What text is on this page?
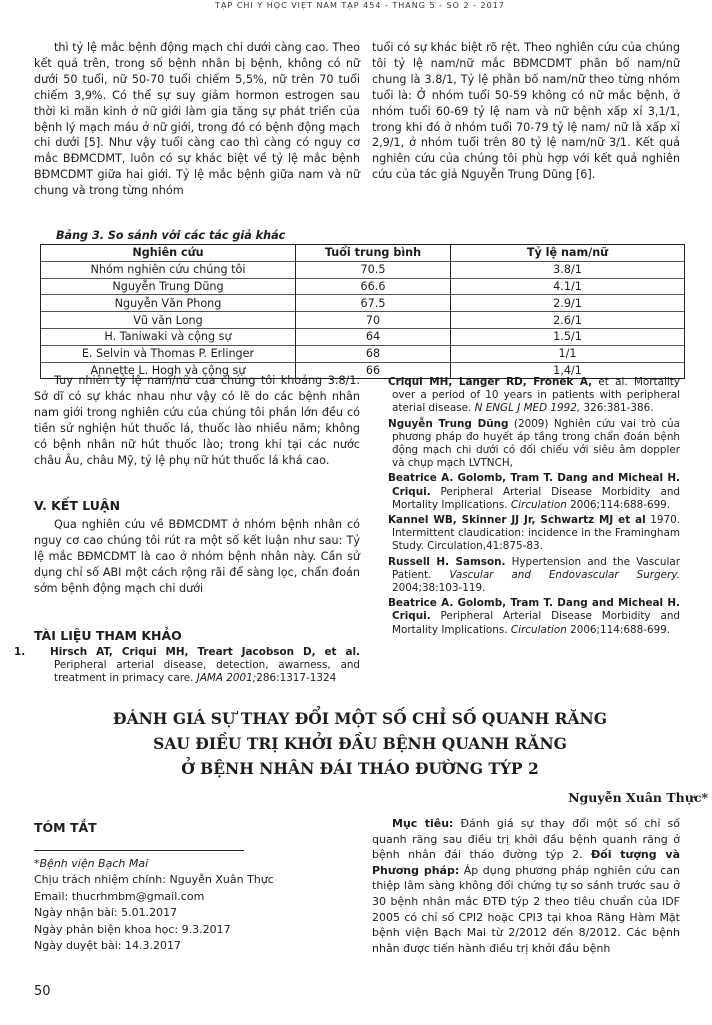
TẠP CHÍ Y HỌC VIỆT NAM TẬP 454 - THÁNG 5 - SỐ 2 - 2017
thì tỷ lệ mắc bệnh động mạch chi dưới càng cao. Theo kết quả trên, trong số bệnh nhân bị bệnh, không có nữ dưới 50 tuổi, nữ 50-70 tuổi chiếm 5,5%, nữ trên 70 tuổi chiếm 3,9%. Có thể sự suy giảm hormon estrogen sau thời kì mãn kinh ở nữ giới làm gia tăng sự phát triển của bệnh lý mạch máu ở nữ giới, trong đó có bệnh động mạch chi dưới [5]. Như vậy tuổi càng cao thì càng có nguy cơ mắc BĐMCDMT, luôn có sự khác biệt về tỷ lệ mắc bệnh BĐMCDMT giữa hai giới. Tỷ lệ mắc bệnh giữa nam và nữ chung và trong từng nhóm
tuổi có sự khác biệt rõ rệt. Theo nghiên cứu của chúng tôi tỷ lệ nam/nữ mắc BĐMCDMT phân bố nam/nữ chung là 3.8/1, Tỷ lệ phân bố nam/nữ theo từng nhóm tuổi là: Ở nhóm tuổi 50-59 không có nữ mắc bệnh, ở nhóm tuổi 60-69 tỷ lệ nam và nữ bệnh xấp xỉ 3,1/1, trong khi đó ở nhóm tuổi 70-79 tỷ lệ nam/ nữ là xấp xỉ 2,9/1, ở nhóm tuổi trên 80 tỷ lệ nam/nữ 3/1. Kết quả nghiên cứu của chúng tôi phù hợp với kết quả nghiên cứu của tác giả Nguyễn Trung Dũng [6].
Bảng 3. So sánh với các tác giả khác
Nghiên cứu	Tuổi trung bình	Tỷ lệ nam/nữ
Nhóm nghiên cứu chúng tôi	70.5	3.8/1
Nguyễn Trung Dũng	66.6	4.1/1
Nguyễn Văn Phong	67.5	2.9/1
Vũ văn Long	70	2.6/1
H. Taniwaki và cộng sự	64	1.5/1
E. Selvin và Thomas P. Erlinger	68	1/1
Annette L. Hogh và cộng sự	66	1,4/1
Tuy nhiên tỷ lệ nam/nữ của chúng tôi khoảng 3.8/1. Sở dĩ có sự khác nhau như vậy có lẽ do các bệnh nhân nam giới trong nghiên cứu của chúng tôi phần lớn đều có tiền sử nghiện hút thuốc lá, thuốc lào nhiều năm; không có bệnh nhân nữ hút thuốc lào; trong khi tại các nước châu Âu, châu Mỹ, tỷ lệ phụ nữ hút thuốc lá khá cao.
V. KẾT LUẬN
Qua nghiên cứu về BĐMCDMT ở nhóm bệnh nhân có nguy cơ cao chúng tôi rút ra một số kết luận như sau: Tỷ lệ mắc BĐMCDMT là cao ở nhóm bệnh nhân này. Cần sử dụng chỉ số ABI một cách rộng rãi để sàng lọc, chẩn đoán sớm bệnh động mạch chi dưới
TÀI LIỆU THAM KHẢO
1. Hirsch AT, Criqui MH, Treart Jacobson D, et al. Peripheral arterial disease, detection, awarness, and treatment in primacy care. JAMA 2001;286:1317-1324
Criqui MH, Langer RD, Fronek A, et al. Mortality over a period of 10 years in patients with peripheral aterial disease. N ENGL J MED 1992, 326:381-386.
Nguyễn Trung Dũng (2009) Nghiên cứu vai trò của phương pháp đo huyết áp tầng trong chẩn đoán bệnh động mạch chi dưới có đối chiếu với siêu âm doppler và chụp mạch LVTNCH,
Beatrice A. Golomb, Tram T. Dang and Micheal H. Criqui. Peripheral Arterial Disease Morbidity and Mortality Implications. Circulation 2006;114:688-699.
Kannel WB, Skinner JJ Jr, Schwartz MJ et al 1970. Intermittent claudication: incidence in the Framingham Study. Circulation,41:875-83.
Russell H. Samson. Hypertension and the Vascular Patient. Vascular and Endovascular Surgery. 2004;38:103-119.
Beatrice A. Golomb, Tram T. Dang and Micheal H. Criqui. Peripheral Arterial Disease Morbidity and Mortality Implications. Circulation 2006;114:688-699.
ĐÁNH GIÁ SỰ THAY ĐỔI MỘT SỐ CHỈ SỐ QUANH RĂNG
SAU ĐIỀU TRỊ KHỞI ĐẦU BỆNH QUANH RĂNG
Ở BỆNH NHÂN ĐÁI THÁO ĐƯỜNG TÝP 2
Nguyễn Xuân Thực*
TÓM TẮT
*Bệnh viện Bạch Mai
Chịu trách nhiệm chính: Nguyễn Xuân Thực
Email: thucrhmbm@gmail.com
Ngày nhận bài: 5.01.2017
Ngày phản biện khoa học: 9.3.2017
Ngày duyệt bài: 14.3.2017
Mục tiêu: Đánh giá sự thay đổi một số chỉ số quanh răng sau điều trị khởi đầu bệnh quanh răng ở bệnh nhân đái tháo đường týp 2. Đối tượng và Phương pháp: Áp dụng phương pháp nghiên cứu can thiệp lâm sàng không đối chứng tự so sánh trước sau ở 30 bệnh nhân mắc ĐTĐ týp 2 theo tiêu chuẩn của IDF 2005 có chỉ số CPI2 hoặc CPI3 tại khoa Răng Hàm Mặt bệnh viện Bạch Mai từ 2/2012 đến 8/2012. Các bệnh nhân được tiến hành điều trị khởi đầu bệnh
50
